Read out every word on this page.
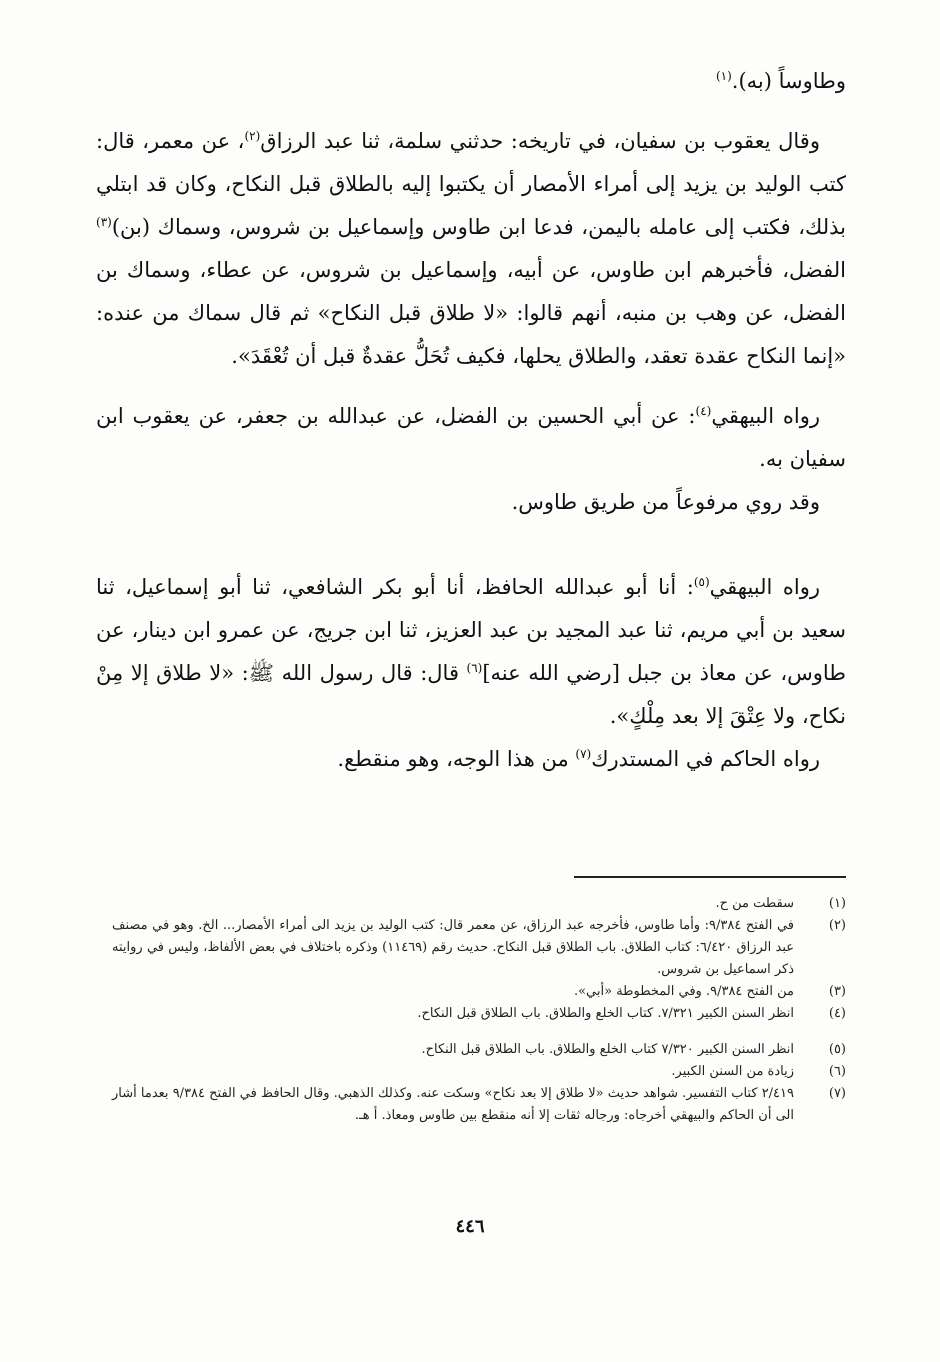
وطاوساً (به).$^{(١)}$

وقال يعقوب بن سفيان، في تاريخه: حدثني سلمة، ثنا عبد الرزاق$^{(٢)}$، عن معمر، قال: كتب الوليد بن يزيد إلى أمراء الأمصار أن يكتبوا إليه بالطلاق قبل النكاح، وكان قد ابتلي بذلك، فكتب إلى عامله باليمن، فدعا ابن طاوس وإسماعيل بن شروس، وسماك (بن)$^{(٣)}$ الفضل، فأخبرهم ابن طاوس، عن أبيه، وإسماعيل بن شروس، عن عطاء، وسماك بن الفضل، عن وهب بن منبه، أنهم قالوا: «لا طلاق قبل النكاح» ثم قال سماك من عنده: «إنما النكاح عقدة تعقد، والطلاق يحلها، فكيف تُحَلُّ عقدةٌ قبل أن تُعْقَدَ».

رواه البيهقي$^{(٤)}$: عن أبي الحسين بن الفضل، عن عبدالله بن جعفر، عن يعقوب ابن سفيان به.

وقد روي مرفوعاً من طريق طاوس.

رواه البيهقي$^{(٥)}$: أنا أبو عبدالله الحافظ، أنا أبو بكر الشافعي، ثنا أبو إسماعيل، ثنا سعيد بن أبي مريم، ثنا عبد المجيد بن عبد العزيز، ثنا ابن جريج، عن عمرو ابن دينار، عن طاوس، عن معاذ بن جبل [رضي الله عنه]$^{(٦)}$ قال: قال رسول الله ﷺ: «لا طلاق إلا مِنْ نكاح، ولا عِتْقَ إلا بعد مِلْكٍ».

رواه الحاكم في المستدرك$^{(٧)}$ من هذا الوجه، وهو منقطع.

(١)
سقطت من ح.
(٢)
في الفتح ٩/٣٨٤: وأما طاوس، فأخرجه عبد الرزاق، عن معمر قال: كتب الوليد بن يزيد الى أمراء الأمصار... الخ. وهو في مصنف عبد الرزاق ٦/٤٢٠: كتاب الطلاق. باب الطلاق قبل النكاح. حديث رقم (١١٤٦٩) وذكره باختلاف في بعض الألفاظ، وليس في روايته ذكر اسماعيل بن شروس.
(٣)
من الفتح ٩/٣٨٤. وفي المخطوطة «أبي».
(٤)
انظر السنن الكبير ٧/٣٢١. كتاب الخلع والطلاق. باب الطلاق قبل النكاح.
(٥)
انظر السنن الكبير ٧/٣٢٠ كتاب الخلع والطلاق. باب الطلاق قبل النكاح.
(٦)
زيادة من السنن الكبير.
(٧)
٢/٤١٩ كتاب التفسير. شواهد حديث «لا طلاق إلا بعد نكاح» وسكت عنه. وكذلك الذهبي. وقال الحافظ في الفتح ٩/٣٨٤ بعدما أشار الى أن الحاكم والبيهقي أخرجاه: ورجاله ثقات إلا أنه منقطع بين طاوس ومعاذ. أ هـ.
٤٤٦
